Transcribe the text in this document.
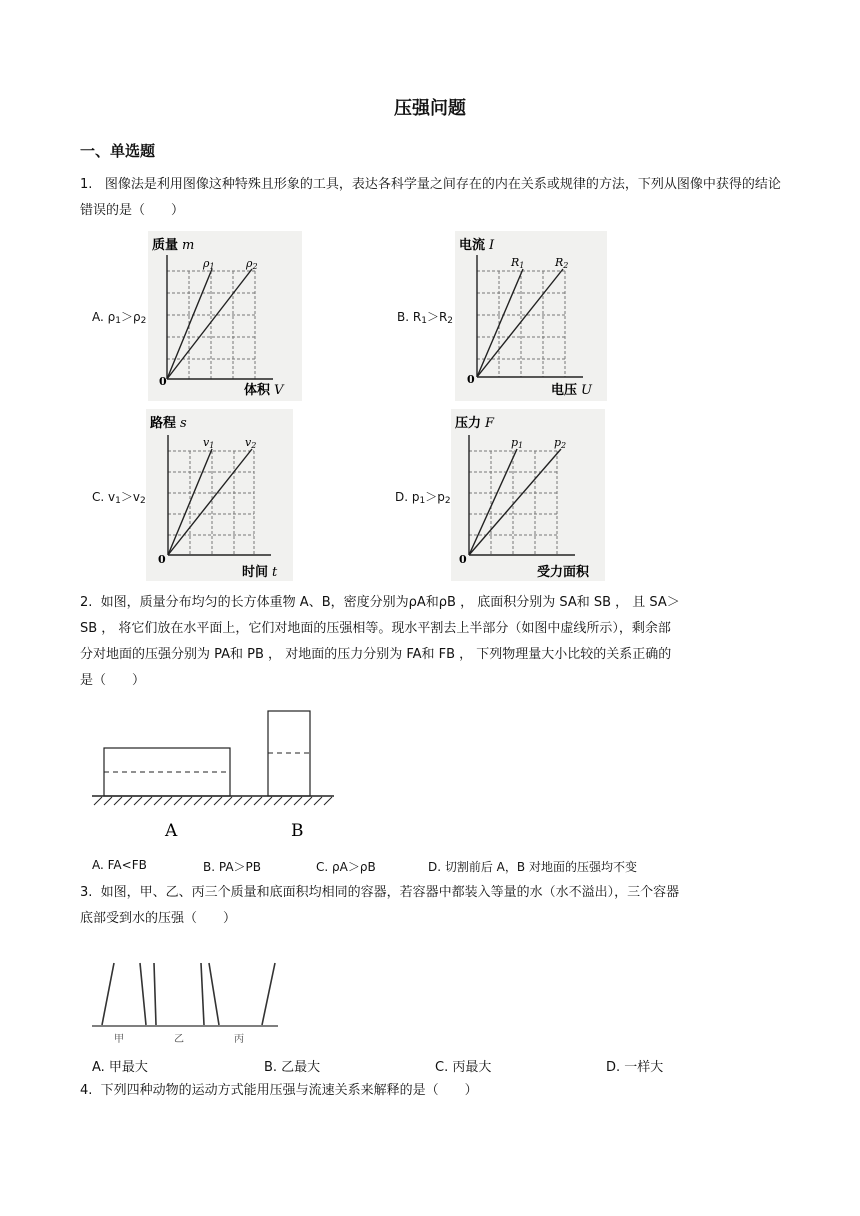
压强问题
一、单选题
1. 图像法是利用图像这种特殊且形象的工具，表达各科学量之间存在的内在关系或规律的方法，下列从图像中获得的结论错误的是（　　）
A. $\rho_1>\rho_2$
质量 m
ρ1	ρ2
0
体积 V
B. $R_1>R_2$
电流 I
R1	R2
0
电压 U
C. $v_1>v_2$
路程 s
v1	v2
0
时间 t
D. $p_1>p_2$
压力 F
p1	p2
0
受力面积
2. 如图，质量分布均匀的长方体重物 A、B，密度分别为ρA和ρB ， 底面积分别为 SA和 SB ， 且 SA＞
SB ， 将它们放在水平面上，它们对地面的压强相等。现水平割去上半部分（如图中虚线所示），剩余部
分对地面的压强分别为 PA和 PB ， 对地面的压力分别为 FA和 FB ， 下列物理量大小比较的关系正确的
是（　　）
A	B
A. FA<FB	B. PA＞PB	C. ρA＞ρB	D. 切割前后 A，B 对地面的压强均不变
3. 如图，甲、乙、丙三个质量和底面积均相同的容器，若容器中都装入等量的水（水不溢出），三个容器
底部受到水的压强（　　）
甲	乙	丙
A. 甲最大	B. 乙最大	C. 丙最大	D. 一样大
4. 下列四种动物的运动方式能用压强与流速关系来解释的是（　　）
